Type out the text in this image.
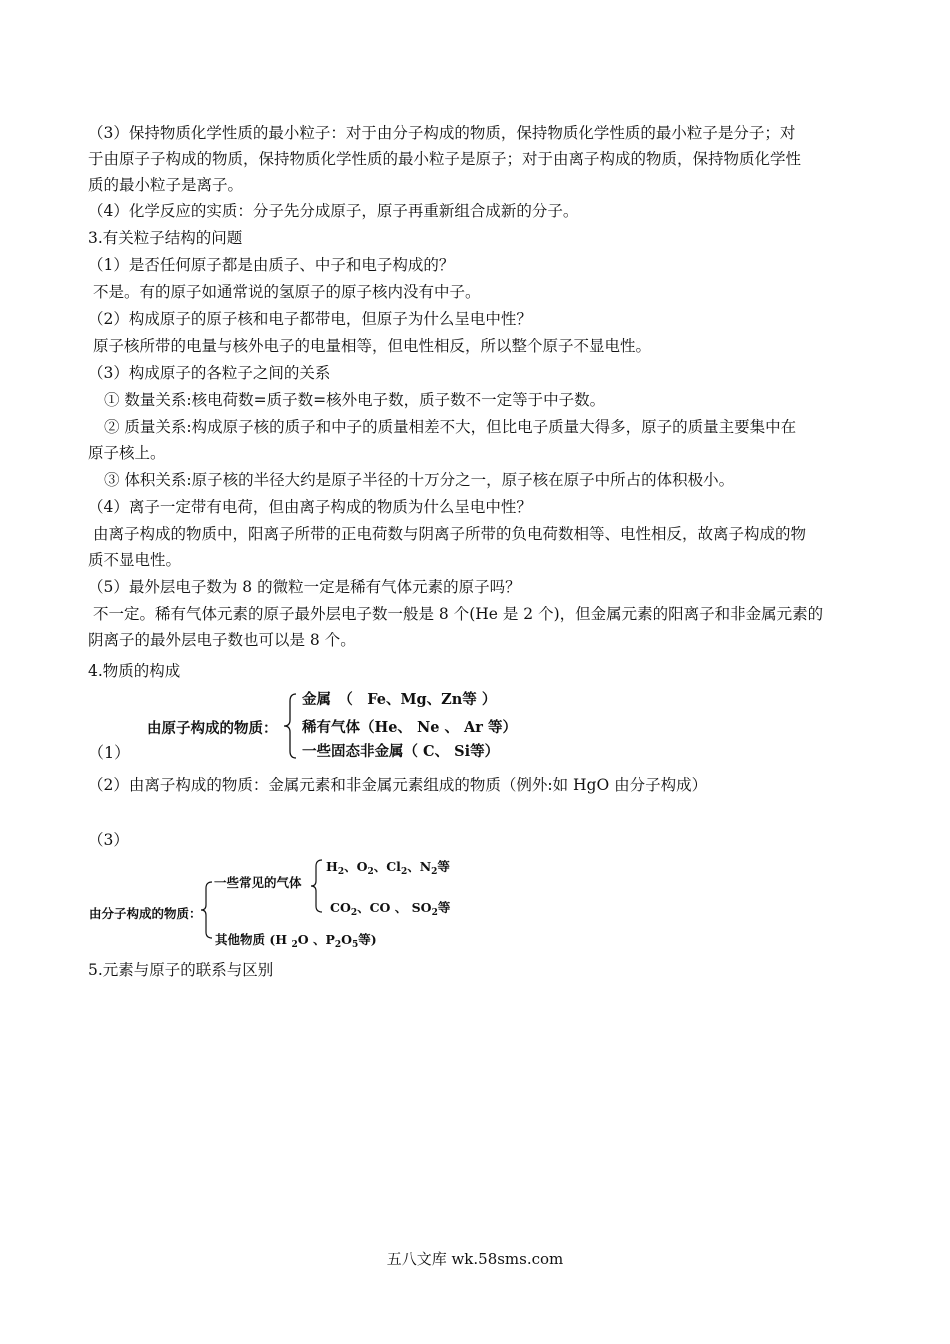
（3）保持物质化学性质的最小粒子：对于由分子构成的物质，保持物质化学性质的最小粒子是分子；对
于由原子子构成的物质，保持物质化学性质的最小粒子是原子；对于由离子构成的物质，保持物质化学性
质的最小粒子是离子。
（4）化学反应的实质：分子先分成原子，原子再重新组合成新的分子。
3.有关粒子结构的问题
（1）是否任何原子都是由质子、中子和电子构成的？
不是。有的原子如通常说的氢原子的原子核内没有中子。
（2）构成原子的原子核和电子都带电，但原子为什么呈电中性？
原子核所带的电量与核外电子的电量相等，但电性相反，所以整个原子不显电性。
（3）构成原子的各粒子之间的关系
① 数量关系:核电荷数=质子数=核外电子数，质子数不一定等于中子数。
② 质量关系:构成原子核的质子和中子的质量相差不大，但比电子质量大得多，原子的质量主要集中在
原子核上。
③ 体积关系:原子核的半径大约是原子半径的十万分之一，原子核在原子中所占的体积极小。
（4）离子一定带有电荷，但由离子构成的物质为什么呈电中性？
由离子构成的物质中，阳离子所带的正电荷数与阴离子所带的负电荷数相等、电性相反，故离子构成的物
质不显电性。
（5）最外层电子数为 8 的微粒一定是稀有气体元素的原子吗？
不一定。稀有气体元素的原子最外层电子数一般是 8 个(He 是 2 个)，但金属元素的阳离子和非金属元素的
阴离子的最外层电子数也可以是 8 个。
4.物质的构成
（1）
由原子构成的物质：
金属　（　Fe、Mg、Zn等 ）
稀有气体（He、 Ne 、 Ar 等）
一些固态非金属（ C、 Si等）
（2）由离子构成的物质：金属元素和非金属元素组成的物质（例外:如 HgO 由分子构成）
（3）
由分子构成的物质：
一些常见的气体
$H_2$、$O_2$、$Cl_2$、$N_2$等
$CO_2$、CO 、 $SO_2$等
其他物质 (H $_2$O 、$P_2O_5$等)
5.元素与原子的联系与区别
五八文库 wk.58sms.com
